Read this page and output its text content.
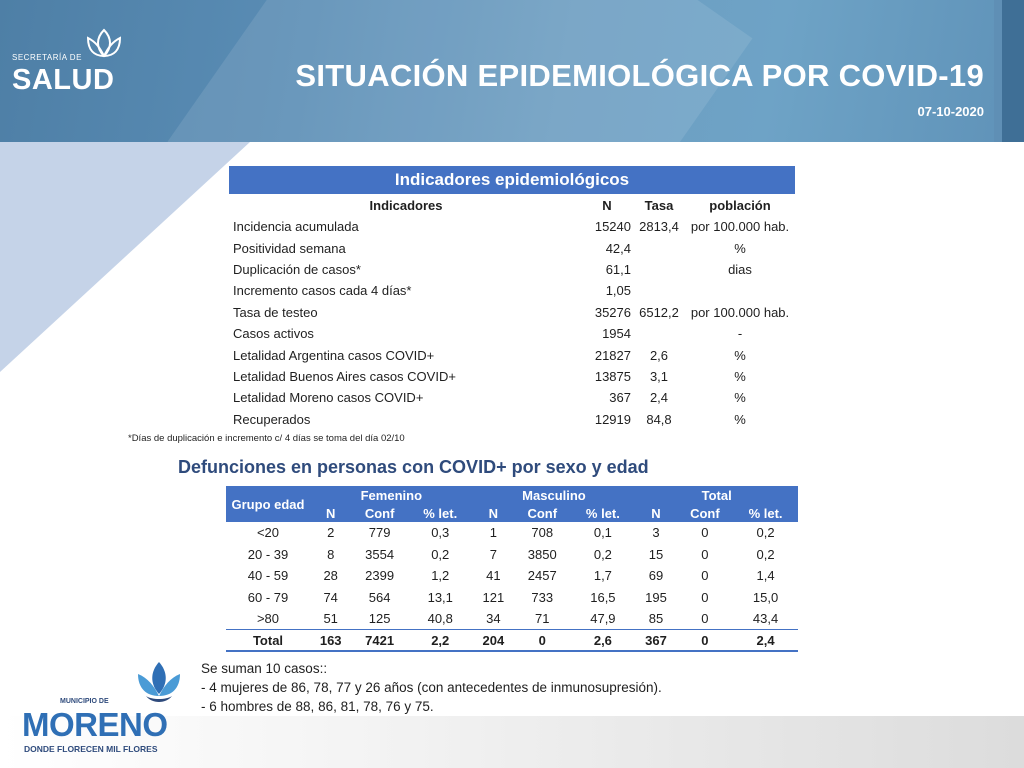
SECRETARÍA DE
SALUD	SITUACIÓN EPIDEMIOLÓGICA POR COVID-19
07-10-2020
Indicadores epidemiológicos
Indicadores	N	Tasa	población
Incidencia acumulada	15240	2813,4	por 100.000 hab.
Positividad semana	42,4		%
Duplicación de casos*	61,1		dias
Incremento casos cada 4 días*	1,05		
Tasa de testeo	35276	6512,2	por 100.000 hab.
Casos activos	1954		-
Letalidad Argentina casos COVID+	21827	2,6	%
Letalidad Buenos Aires casos COVID+	13875	3,1	%
Letalidad Moreno casos COVID+	367	2,4	%
Recuperados	12919	84,8	%
*Días de duplicación e incremento c/ 4 días se toma del día 02/10
Defunciones en personas con COVID+ por sexo y edad
Grupo edad	Femenino			Masculino			Total		
	N	Conf	% let.	N	Conf	% let.	N	Conf	% let.
<20	2	779	0,3	1	708	0,1	3	0	0,2
20 - 39	8	3554	0,2	7	3850	0,2	15	0	0,2
40 - 59	28	2399	1,2	41	2457	1,7	69	0	1,4
60 - 79	74	564	13,1	121	733	16,5	195	0	15,0
>80	51	125	40,8	34	71	47,9	85	0	43,4
Total	163	7421	2,2	204	0	2,6	367	0	2,4
Se suman 10 casos::
- 4 mujeres de 86, 78, 77 y 26 años (con antecedentes de inmunosupresión).
- 6 hombres de 88, 86, 81, 78, 76 y 75.
MUNICIPIO DE
MORENO
DONDE FLORECEN MIL FLORES
